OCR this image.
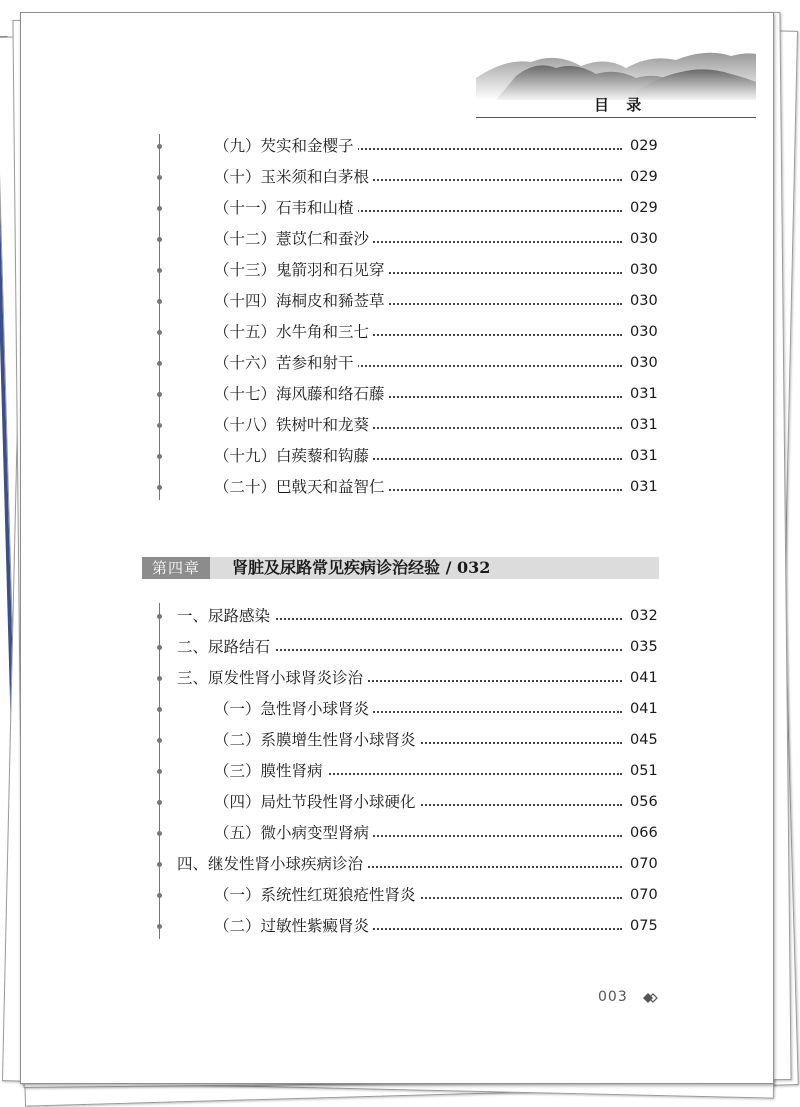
目 录
（九）芡实和金樱子	029
（十）玉米须和白茅根	029
（十一）石韦和山楂	029
（十二）薏苡仁和蚕沙	030
（十三）鬼箭羽和石见穿	030
（十四）海桐皮和豨莶草	030
（十五）水牛角和三七	030
（十六）苦参和射干	030
（十七）海风藤和络石藤	031
（十八）铁树叶和龙葵	031
（十九）白蒺藜和钩藤	031
（二十）巴戟天和益智仁	031
第四章	肾脏及尿路常见疾病诊治经验 / 032
一、尿路感染	032
二、尿路结石	035
三、原发性肾小球肾炎诊治	041
（一）急性肾小球肾炎	041
（二）系膜增生性肾小球肾炎	045
（三）膜性肾病	051
（四）局灶节段性肾小球硬化	056
（五）微小病变型肾病	066
四、继发性肾小球疾病诊治	070
（一）系统性红斑狼疮性肾炎	070
（二）过敏性紫癜肾炎	075
003
